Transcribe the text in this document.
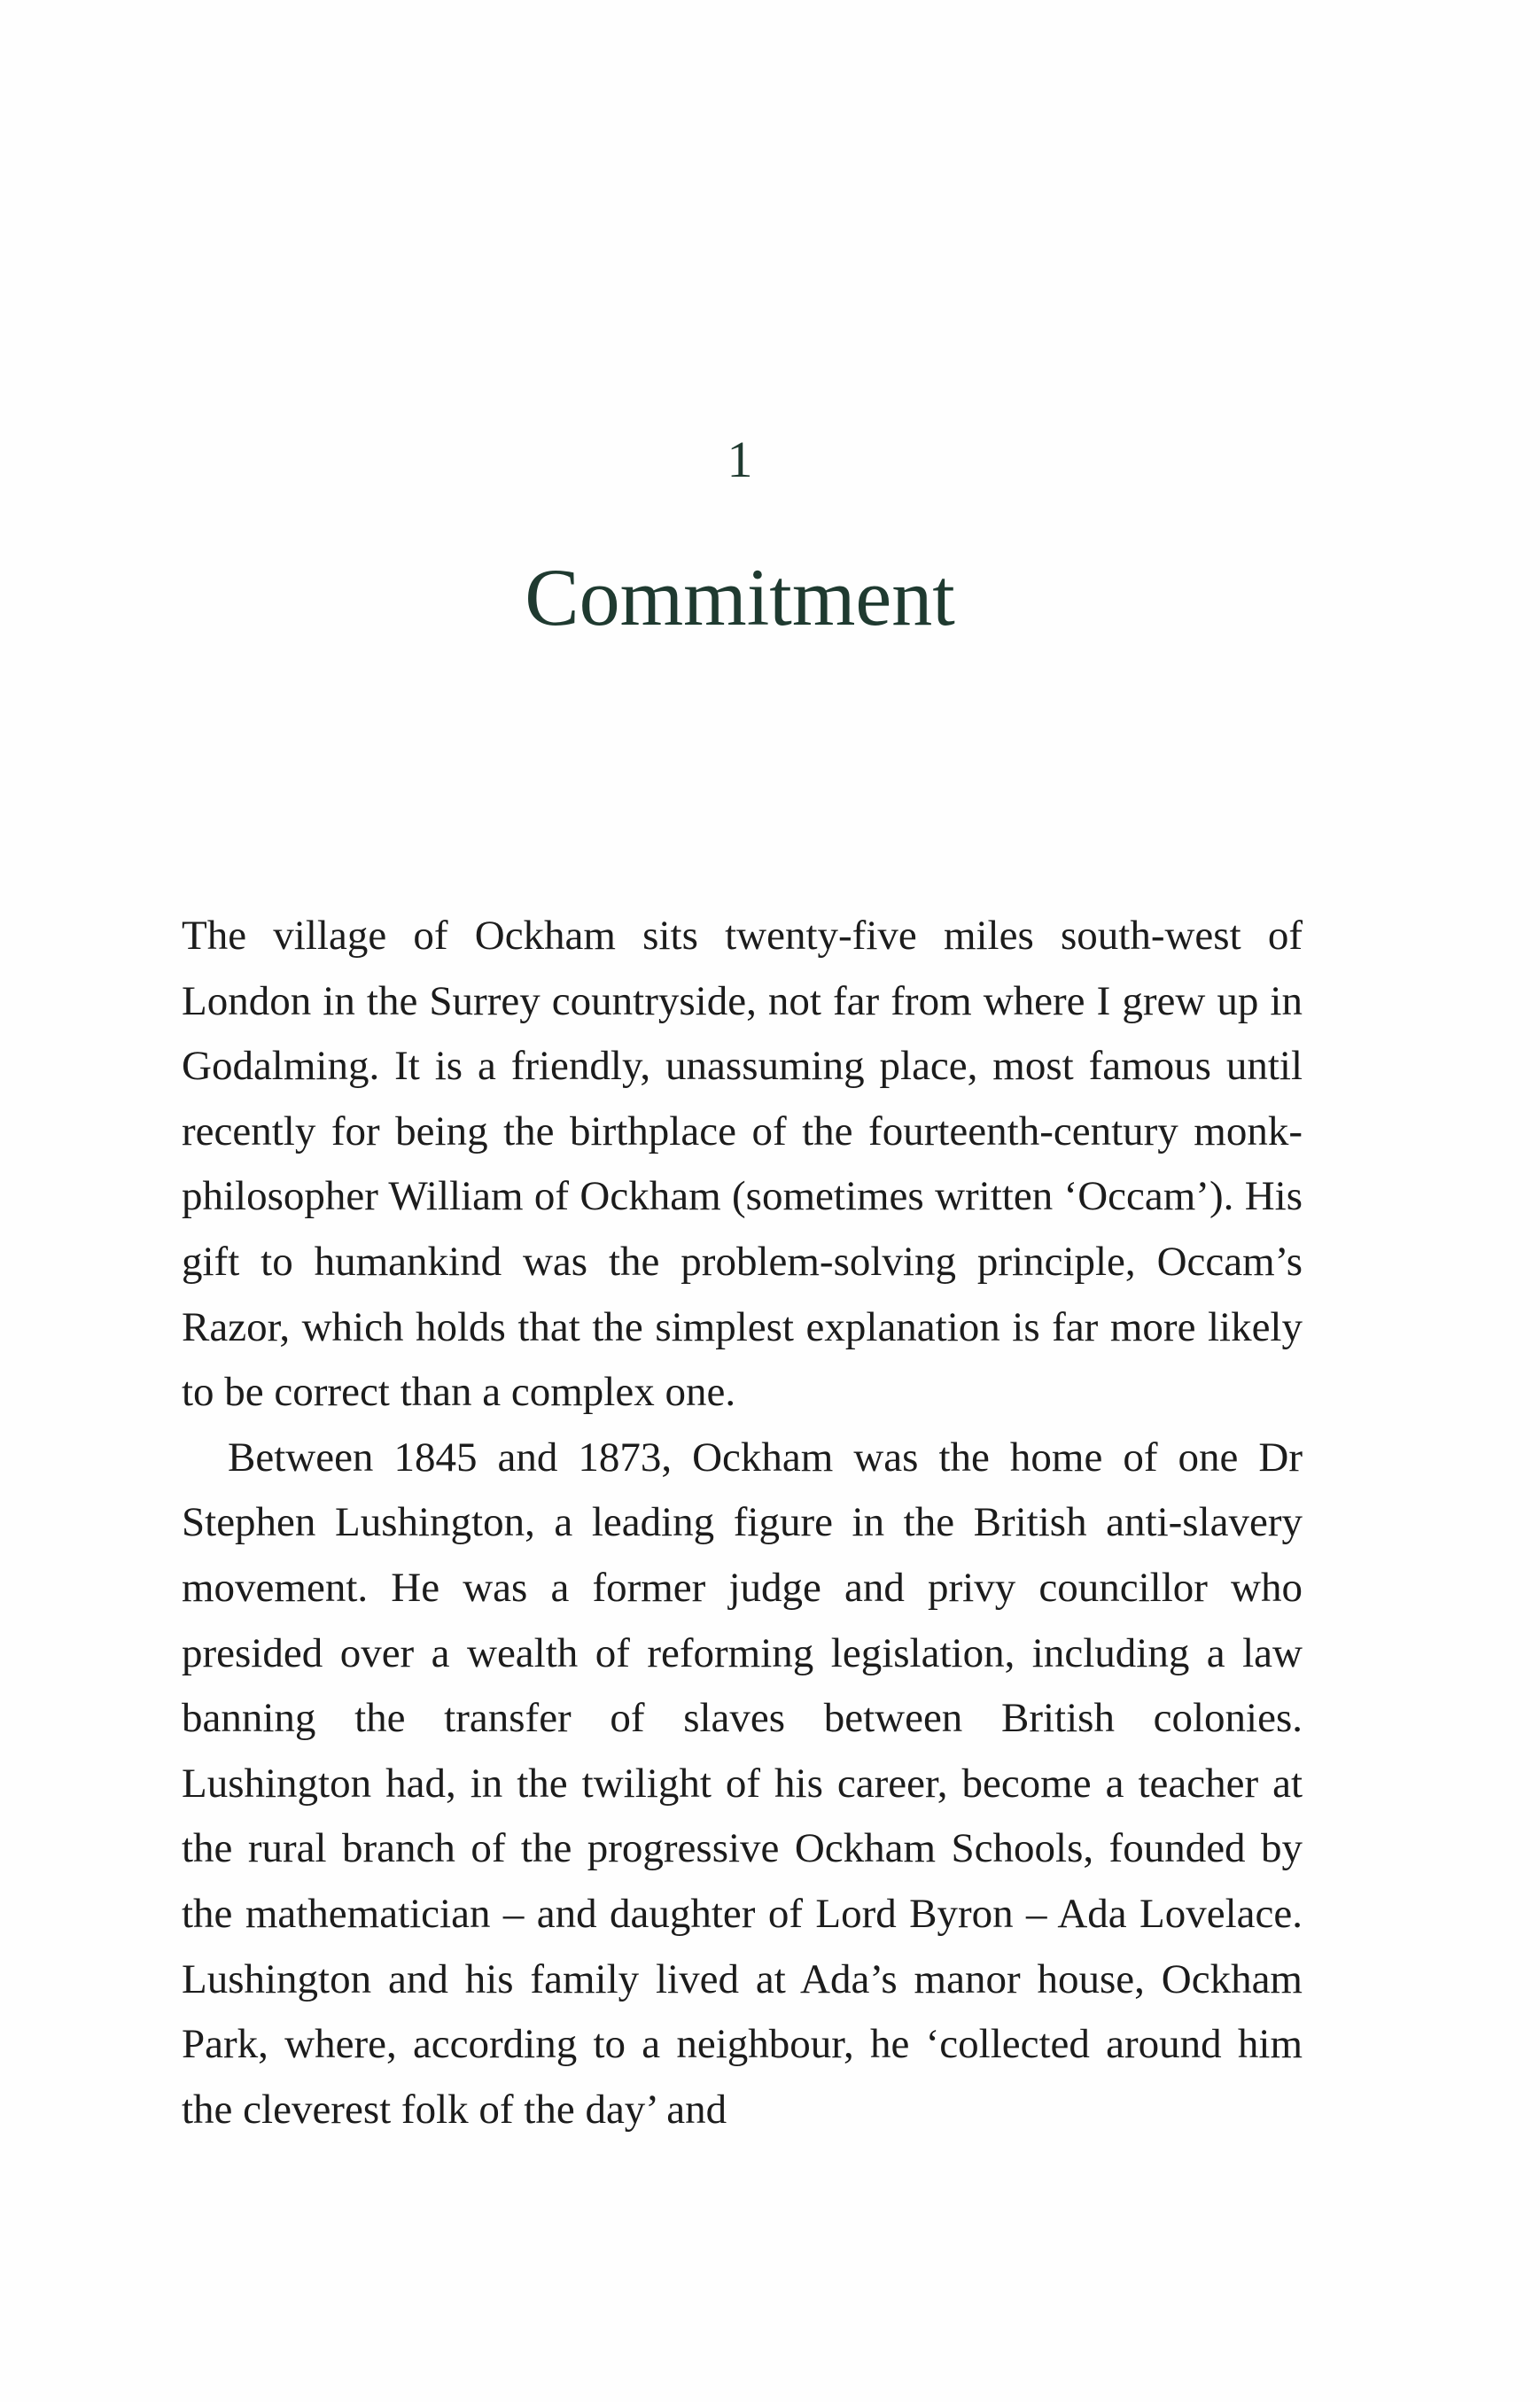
1
Commitment

The village of Ockham sits twenty-five miles south-west of London in the Surrey countryside, not far from where I grew up in Godalming. It is a friendly, unassuming place, most famous until recently for being the birthplace of the fourteenth-century monk-philosopher William of Ockham (sometimes written ‘Occam’). His gift to humankind was the problem-solving principle, Occam’s Razor, which holds that the simplest explanation is far more likely to be correct than a complex one.

Between 1845 and 1873, Ockham was the home of one Dr Stephen Lushington, a leading figure in the British anti-slavery movement. He was a former judge and privy councillor who presided over a wealth of reforming legislation, including a law banning the transfer of slaves between British colonies. Lushington had, in the twilight of his career, become a teacher at the rural branch of the progressive Ockham Schools, founded by the mathematician – and daughter of Lord Byron – Ada Lovelace. Lushington and his family lived at Ada’s manor house, Ockham Park, where, according to a neighbour, he ‘collected around him the cleverest folk of the day’ and
